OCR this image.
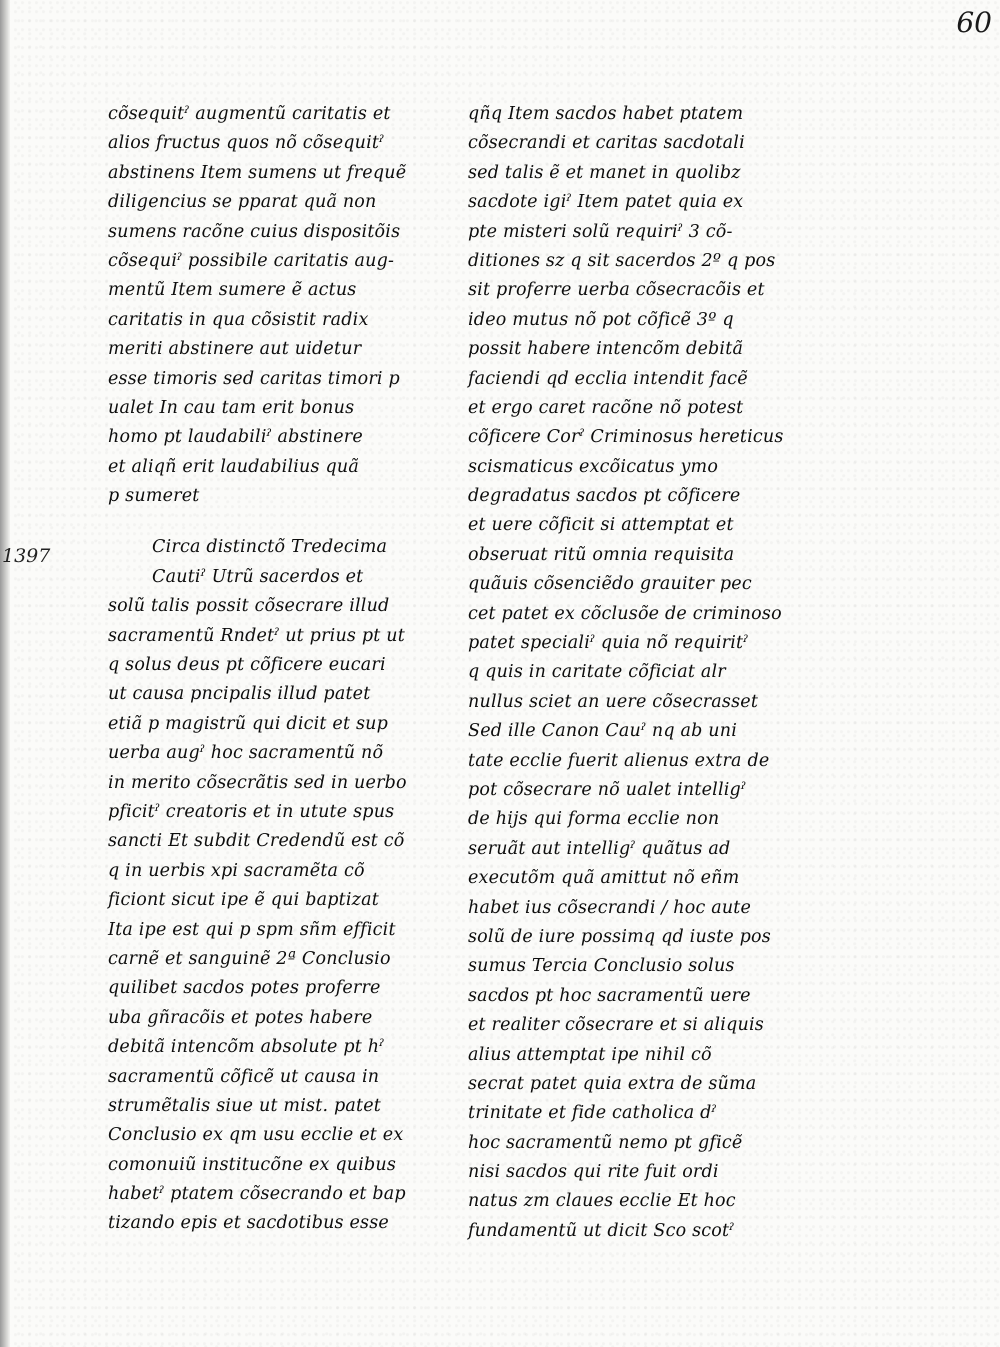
60
1397
cõsequitˀ augmentũ caritatis et
alios fructus quos nõ cõsequitˀ
abstinens Item sumens ut frequẽ
diligencius se pparat quã non
sumens racõne cuius dispositõis
cõsequiˀ possibile caritatis aug-
mentũ Item sumere ẽ actus
caritatis in qua cõsistit radix
meriti abstinere aut uidetur
esse timoris sed caritas timori p
ualet In cau tam erit bonus
homo pt laudabiliˀ abstinere
et aliqñ erit laudabilius quã
p sumeret
Circa distinctõ Tredecima
Cautiˀ Utrũ sacerdos et
solũ talis possit cõsecrare illud
sacramentũ Rndetˀ ut prius pt ut
q solus deus pt cõficere eucari
ut causa pncipalis illud patet
etiã p magistrũ qui dicit et sup
uerba augˀ hoc sacramentũ nõ
in merito cõsecrãtis sed in uerbo
pficitˀ creatoris et in utute spus
sancti Et subdit Credendũ est cõ
q in uerbis xpi sacramẽta cõ
ficiont sicut ipe ẽ qui baptizat
Ita ipe est qui p spm sñm efficit
carnẽ et sanguinẽ 2ª Conclusio
quilibet sacdos potes proferre
uba gñracõis et potes habere
debitã intencõm absolute pt hˀ
sacramentũ cõficẽ ut causa in
strumẽtalis siue ut mist. patet
Conclusio ex qm usu ecclie et ex
comonuiũ institucõne ex quibus
habetˀ ptatem cõsecrando et bap
tizando epis et sacdotibus esse
qñq Item sacdos habet ptatem
cõsecrandi et caritas sacdotali
sed talis ẽ et manet in quolibz
sacdote igiˀ Item patet quia ex
pte misteri solũ requiriˀ 3 cõ-
ditiones sz q sit sacerdos 2º q pos
sit proferre uerba cõsecracõis et
ideo mutus nõ pot cõficẽ 3º q
possit habere intencõm debitã
faciendi qd ecclia intendit facẽ
et ergo caret racõne nõ potest
cõficere Corˀ Criminosus hereticus
scismaticus excõicatus ymo
degradatus sacdos pt cõficere
et uere cõficit si attemptat et
obseruat ritũ omnia requisita
quãuis cõsenciẽdo grauiter pec
cet patet ex cõclusõe de criminoso
patet specialiˀ quia nõ requiritˀ
q quis in caritate cõficiat alr
nullus sciet an uere cõsecrasset
Sed ille Canon Cauˀ nq ab uni
tate ecclie fuerit alienus extra de
pot cõsecrare nõ ualet intelligˀ
de hijs qui forma ecclie non
seruãt aut intelligˀ quãtus ad
executõm quã amittut nõ eñm
habet ius cõsecrandi / hoc aute
solũ de iure possimq qd iuste pos
sumus Tercia Conclusio solus
sacdos pt hoc sacramentũ uere
et realiter cõsecrare et si aliquis
alius attemptat ipe nihil cõ
secrat patet quia extra de sũma
trinitate et fide catholica dˀ
hoc sacramentũ nemo pt gficẽ
nisi sacdos qui rite fuit ordi
natus zm claues ecclie Et hoc
fundamentũ ut dicit Sco scotˀ
